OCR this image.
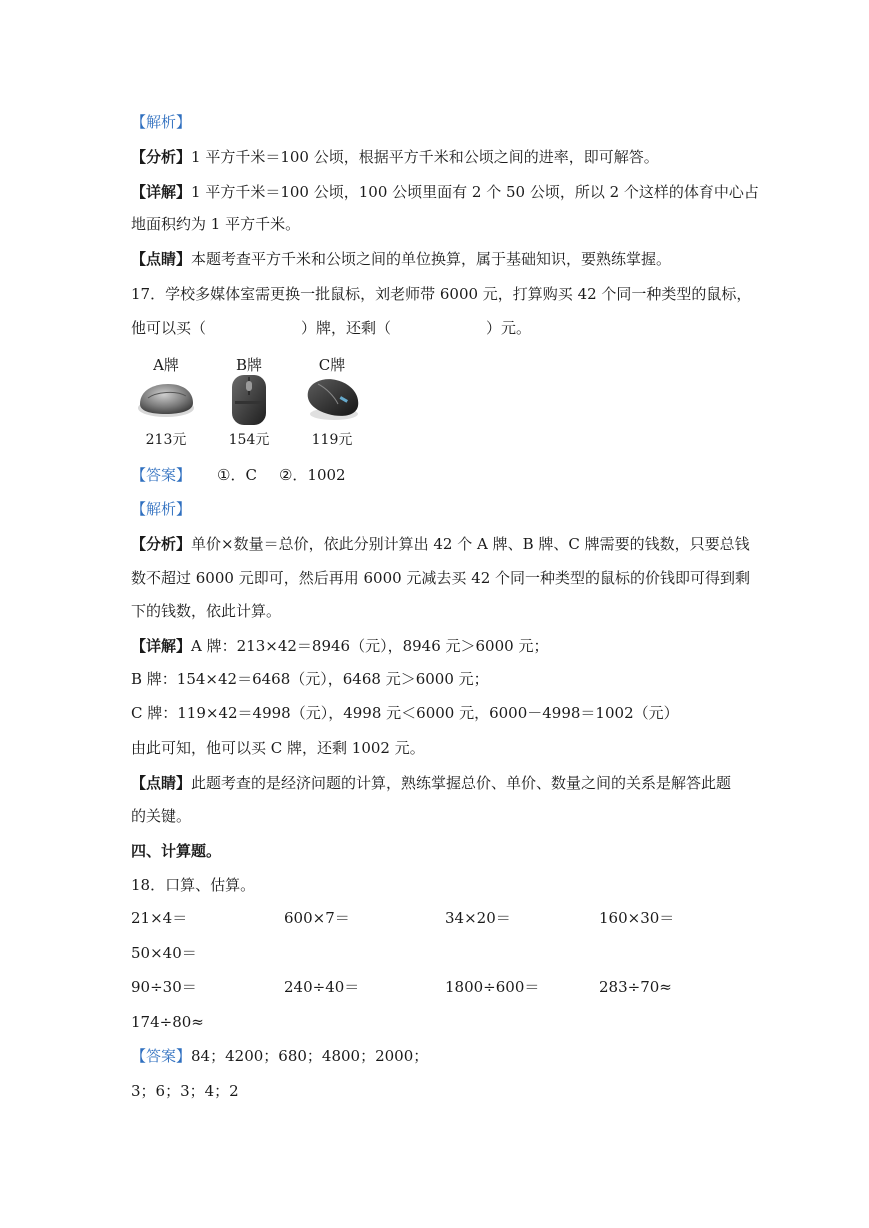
【解析】
【分析】1 平方千米＝100 公顷，根据平方千米和公顷之间的进率，即可解答。
【详解】1 平方千米＝100 公顷，100 公顷里面有 2 个 50 公顷，所以 2 个这样的体育中心占
地面积约为 1 平方千米。
【点睛】本题考查平方千米和公顷之间的单位换算，属于基础知识，要熟练掌握。
17．学校多媒体室需更换一批鼠标，刘老师带 6000 元，打算购买 42 个同一种类型的鼠标，
他可以买（	）牌，还剩（	）元。
A牌
213元
B牌
154元
C牌
119元
【答案】 ①．C ②．1002
【解析】
【分析】单价×数量＝总价，依此分别计算出 42 个 A 牌、B 牌、C 牌需要的钱数，只要总钱
数不超过 6000 元即可，然后再用 6000 元减去买 42 个同一种类型的鼠标的价钱即可得到剩
下的钱数，依此计算。
【详解】A 牌：213×42＝8946（元），8946 元＞6000 元；
B 牌：154×42＝6468（元），6468 元＞6000 元；
C 牌：119×42＝4998（元），4998 元＜6000 元，6000－4998＝1002（元）
由此可知，他可以买 C 牌，还剩 1002 元。
【点睛】此题考查的是经济问题的计算，熟练掌握总价、单价、数量之间的关系是解答此题
的关键。
四、计算题。
18．口算、估算。
21×4＝	600×7＝	34×20＝	160×30＝
50×40＝
90÷30＝	240÷40＝	1800÷600＝	283÷70≈
174÷80≈
【答案】84；4200；680；4800；2000；
3；6；3；4；2
